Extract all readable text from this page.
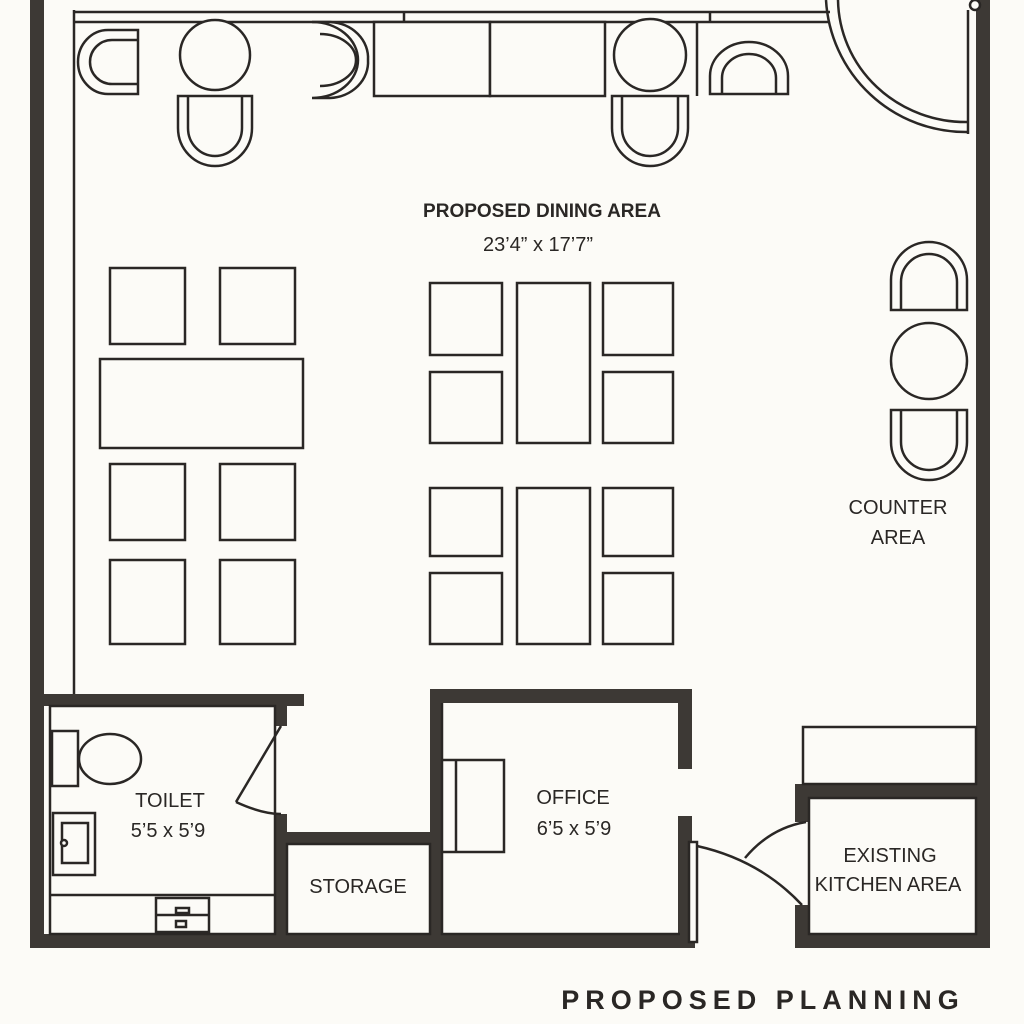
PROPOSED DINING AREA
23’4” x 17’7”
COUNTER
AREA
TOILET
5’5 x 5’9
STORAGE
OFFICE
6’5 x 5’9
EXISTING
KITCHEN AREA
PROPOSED PLANNING
